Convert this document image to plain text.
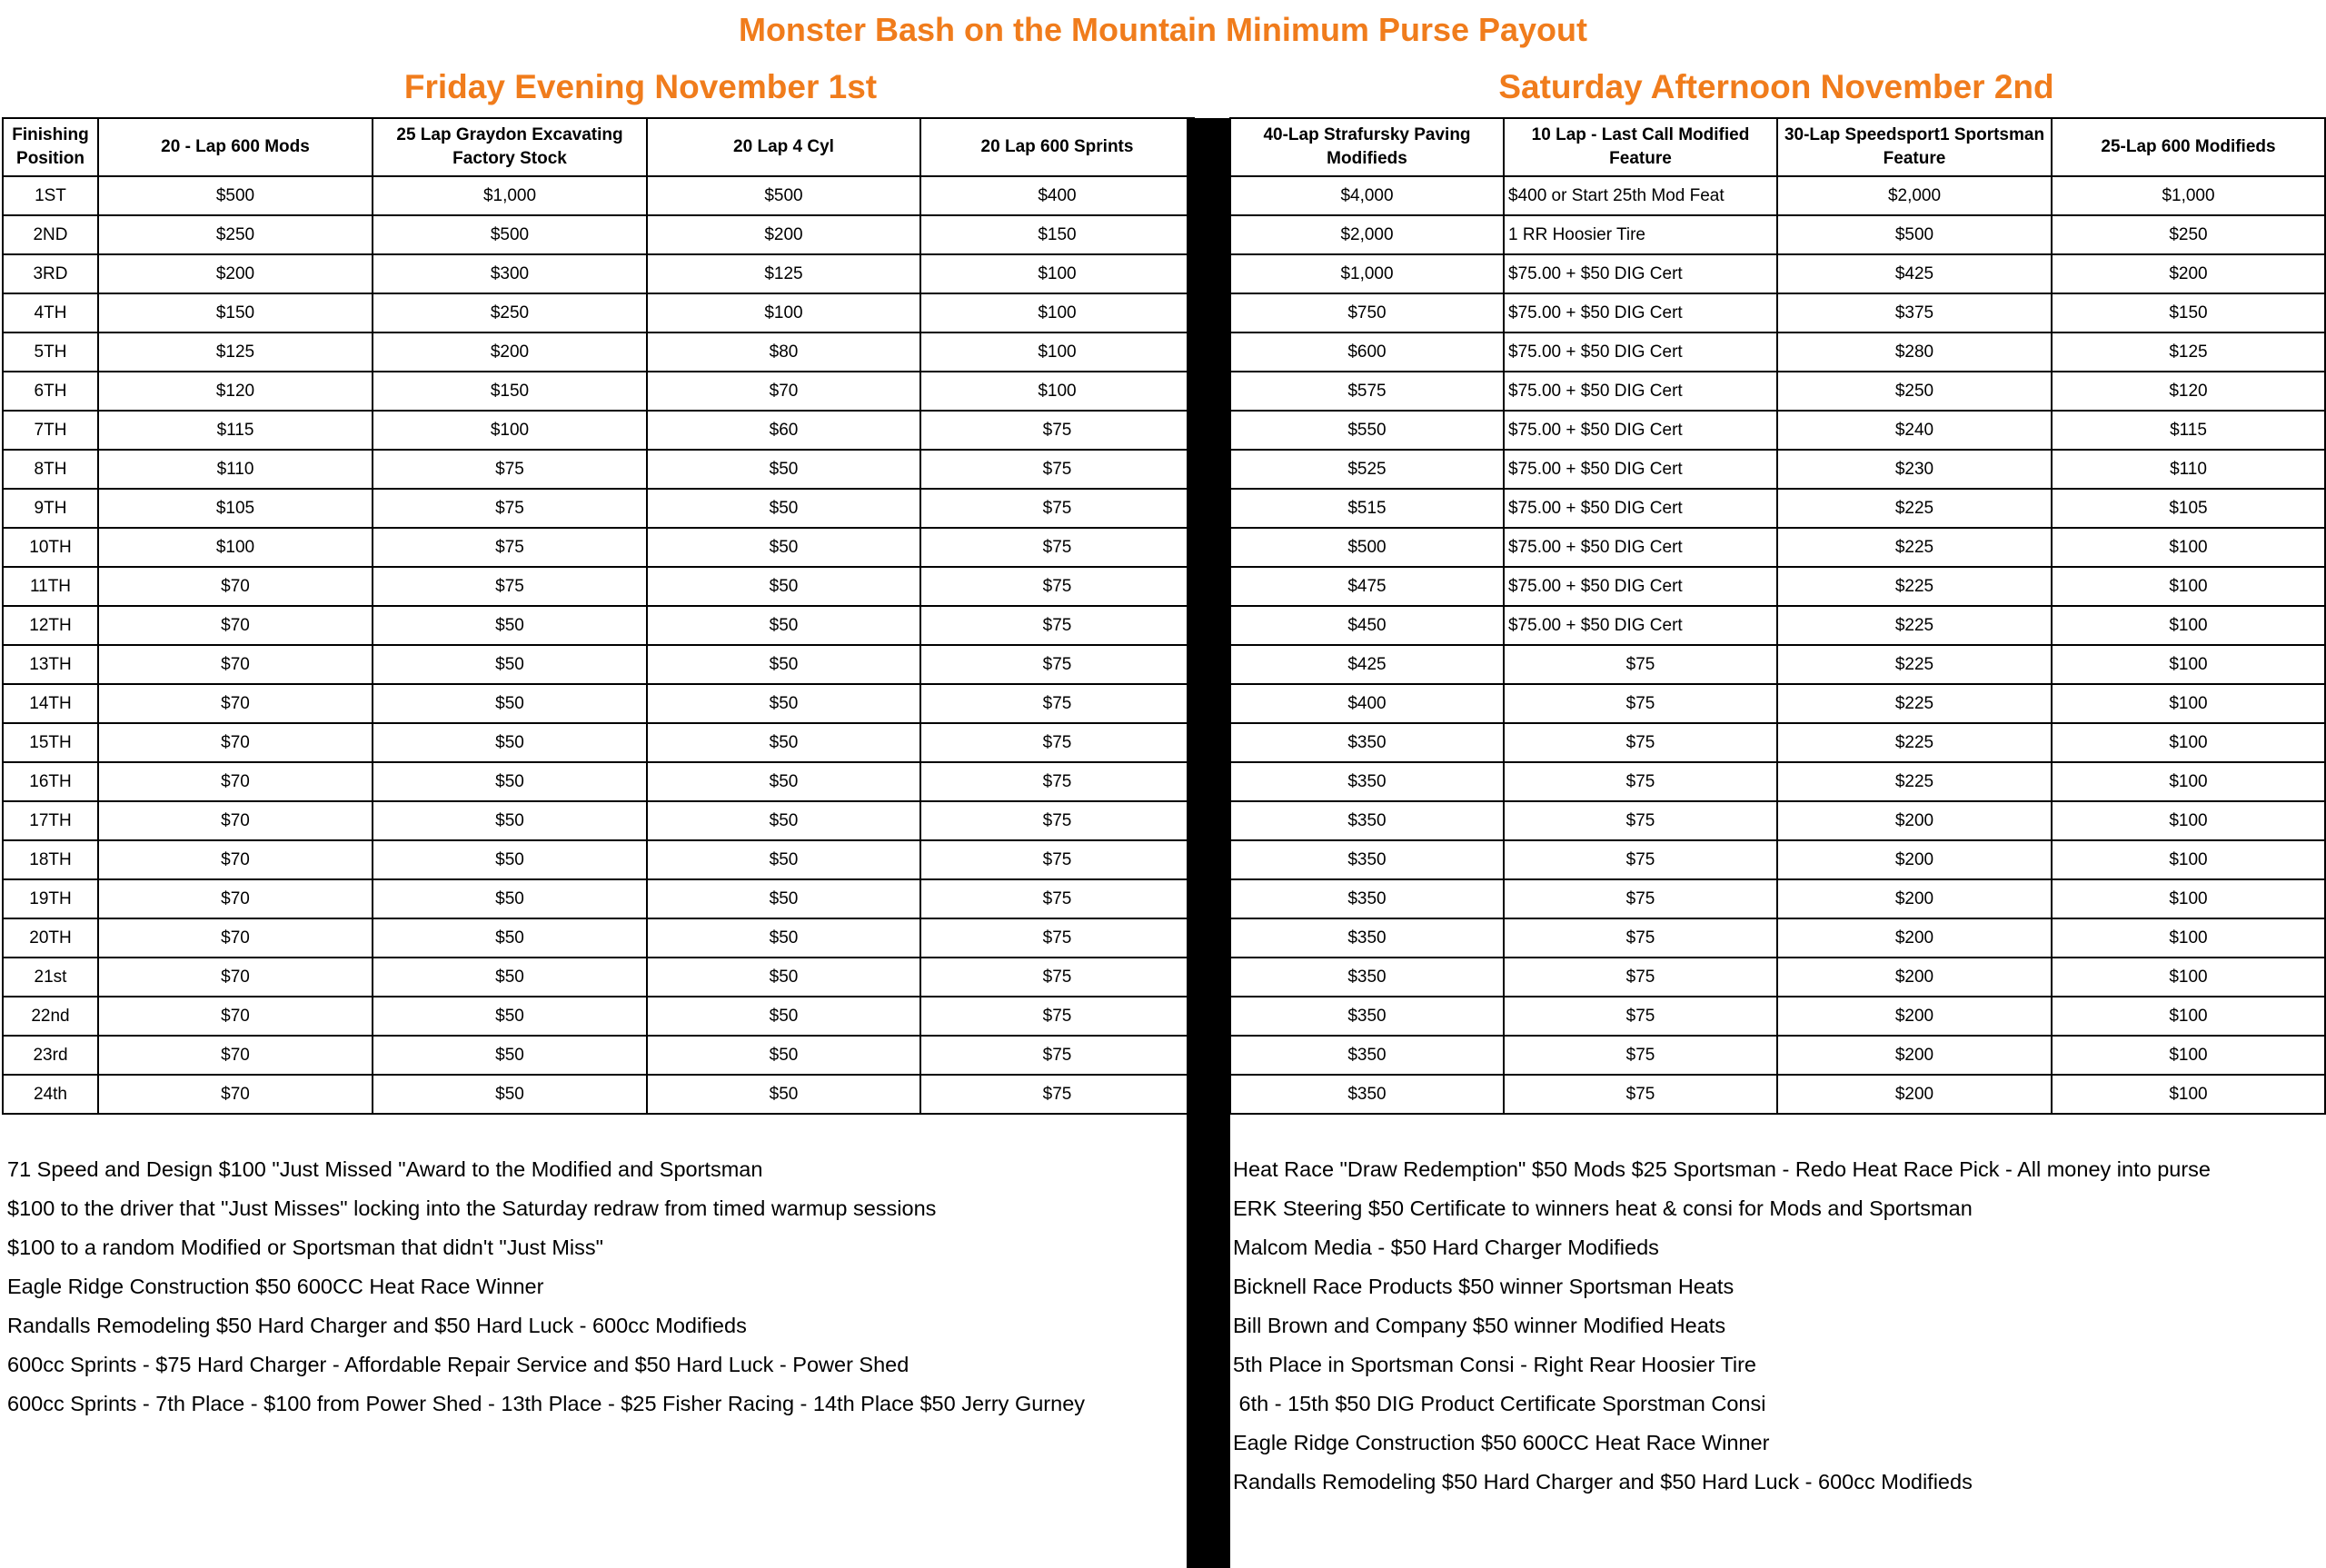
Monster Bash on the Mountain Minimum Purse Payout
Friday Evening November 1st	Saturday Afternoon November 2nd
Finishing Position	20 - Lap 600 Mods	25 Lap Graydon Excavating Factory Stock	20 Lap 4 Cyl	20 Lap 600 Sprints
1ST	$500	$1,000	$500	$400
2ND	$250	$500	$200	$150
3RD	$200	$300	$125	$100
4TH	$150	$250	$100	$100
5TH	$125	$200	$80	$100
6TH	$120	$150	$70	$100
7TH	$115	$100	$60	$75
8TH	$110	$75	$50	$75
9TH	$105	$75	$50	$75
10TH	$100	$75	$50	$75
11TH	$70	$75	$50	$75
12TH	$70	$50	$50	$75
13TH	$70	$50	$50	$75
14TH	$70	$50	$50	$75
15TH	$70	$50	$50	$75
16TH	$70	$50	$50	$75
17TH	$70	$50	$50	$75
18TH	$70	$50	$50	$75
19TH	$70	$50	$50	$75
20TH	$70	$50	$50	$75
21st	$70	$50	$50	$75
22nd	$70	$50	$50	$75
23rd	$70	$50	$50	$75
24th	$70	$50	$50	$75
40-Lap Strafursky Paving Modifieds	10 Lap - Last Call Modified Feature	30-Lap Speedsport1 Sportsman Feature	25-Lap 600 Modifieds
$4,000	$400 or Start 25th Mod Feat	$2,000	$1,000
$2,000	1 RR Hoosier Tire	$500	$250
$1,000	$75.00 + $50 DIG Cert	$425	$200
$750	$75.00 + $50 DIG Cert	$375	$150
$600	$75.00 + $50 DIG Cert	$280	$125
$575	$75.00 + $50 DIG Cert	$250	$120
$550	$75.00 + $50 DIG Cert	$240	$115
$525	$75.00 + $50 DIG Cert	$230	$110
$515	$75.00 + $50 DIG Cert	$225	$105
$500	$75.00 + $50 DIG Cert	$225	$100
$475	$75.00 + $50 DIG Cert	$225	$100
$450	$75.00 + $50 DIG Cert	$225	$100
$425	$75	$225	$100
$400	$75	$225	$100
$350	$75	$225	$100
$350	$75	$225	$100
$350	$75	$200	$100
$350	$75	$200	$100
$350	$75	$200	$100
$350	$75	$200	$100
$350	$75	$200	$100
$350	$75	$200	$100
$350	$75	$200	$100
$350	$75	$200	$100
71 Speed and Design $100 "Just Missed "Award to the Modified and Sportsman
$100 to the driver that "Just Misses" locking into the Saturday redraw from timed warmup sessions
$100 to a random Modified or Sportsman that didn't "Just Miss"
Eagle Ridge Construction $50 600CC Heat Race Winner
Randalls Remodeling $50 Hard Charger and $50 Hard Luck - 600cc Modifieds
600cc Sprints - $75 Hard Charger - Affordable Repair Service and $50 Hard Luck - Power Shed
600cc Sprints - 7th Place - $100 from Power Shed - 13th Place - $25 Fisher Racing - 14th Place $50 Jerry Gurney
Heat Race "Draw Redemption" $50 Mods $25 Sportsman - Redo Heat Race Pick - All money into purse
ERK Steering $50 Certificate to winners heat & consi for Mods and Sportsman
Malcom Media - $50 Hard Charger Modifieds
Bicknell Race Products $50 winner Sportsman Heats
Bill Brown and Company $50 winner Modified Heats
5th Place in Sportsman Consi - Right Rear Hoosier Tire
6th - 15th $50 DIG Product Certificate Sporstman Consi
Eagle Ridge Construction $50 600CC Heat Race Winner
Randalls Remodeling $50 Hard Charger and $50 Hard Luck - 600cc Modifieds
